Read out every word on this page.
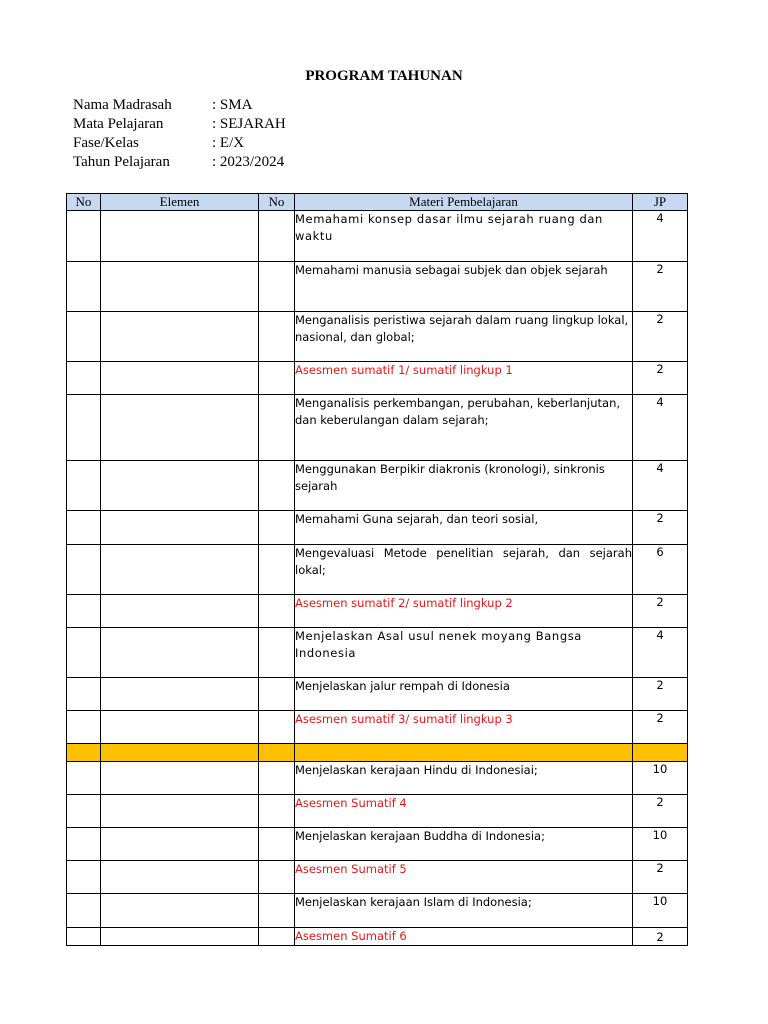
PROGRAM TAHUNAN
Nama Madrasah	: SMA
Mata Pelajaran	: SEJARAH
Fase/Kelas	: E/X
Tahun Pelajaran	: 2023/2024
No	Elemen	No	Materi Pembelajaran	JP
			Memahami konsep dasar ilmu sejarah ruang dan waktu	4
			Memahami manusia sebagai subjek dan objek sejarah	2
			Menganalisis peristiwa sejarah dalam ruang lingkup lokal, nasional, dan global;	2
			Asesmen sumatif 1/ sumatif lingkup 1	2
			Menganalisis perkembangan, perubahan, keberlanjutan, dan keberulangan dalam sejarah;	4
			Menggunakan Berpikir diakronis (kronologi), sinkronis sejarah	4
			Memahami Guna sejarah, dan teori sosial,	2
			Mengevaluasi Metode penelitian sejarah, dan sejarah lokal;	6
			Asesmen sumatif 2/ sumatif lingkup 2	2
			Menjelaskan Asal usul nenek moyang Bangsa Indonesia	4
			Menjelaskan jalur rempah di Idonesia	2
			Asesmen sumatif 3/ sumatif lingkup 3	2

			Menjelaskan kerajaan Hindu di Indonesiai;	10
			Asesmen Sumatif 4	2
			Menjelaskan kerajaan Buddha di Indonesia;	10
			Asesmen Sumatif 5	2
			Menjelaskan kerajaan Islam di Indonesia;	10
			Asesmen Sumatif 6	2
